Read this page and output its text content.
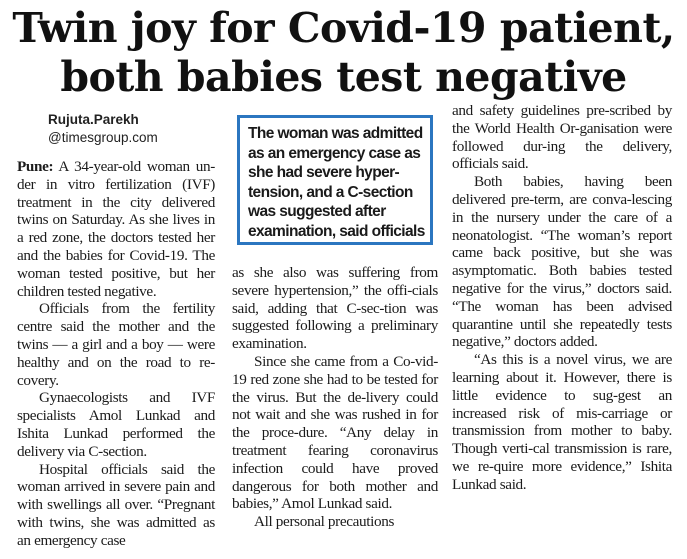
Twin joy for Covid-19 patient,
both babies test negative
Rujuta.Parekh
@timesgroup.com	The woman was admitted
as an emergency case as
she had severe hyper-
tension, and a C-section
was suggested after
examination, said officials

Pune: A 34-year-old woman un-der in vitro fertilization (IVF) treatment in the city delivered twins on Saturday. As she lives in a red zone, the doctors tested her and the babies for Covid-19. The woman tested positive, but her children tested negative.

Officials from the fertility centre said the mother and the twins — a girl and a boy — were healthy and on the road to re-covery.

Gynaecologists and IVF specialists Amol Lunkad and Ishita Lunkad performed the delivery via C-section.

Hospital officials said the woman arrived in severe pain and with swellings all over. “Pregnant with twins, she was admitted as an emergency case

as she also was suffering from severe hypertension,” the offi-cials said, adding that C-sec-tion was suggested following a preliminary examination.

Since she came from a Co-vid-19 red zone she had to be tested for the virus. But the de-livery could not wait and she was rushed in for the proce-dure. “Any delay in treatment fearing coronavirus infection could have proved dangerous for both mother and babies,” Amol Lunkad said.

All personal precautions

and safety guidelines pre-scribed by the World Health Or-ganisation were followed dur-ing the delivery, officials said.

Both babies, having been delivered pre-term, are conva-lescing in the nursery under the care of a neonatologist. “The woman’s report came back positive, but she was asymptomatic. Both babies tested negative for the virus,” doctors said. “The woman has been advised quarantine until she repeatedly tests negative,” doctors added.

“As this is a novel virus, we are learning about it. However, there is little evidence to sug-gest an increased risk of mis-carriage or transmission from mother to baby. Though verti-cal transmission is rare, we re-quire more evidence,” Ishita Lunkad said.
